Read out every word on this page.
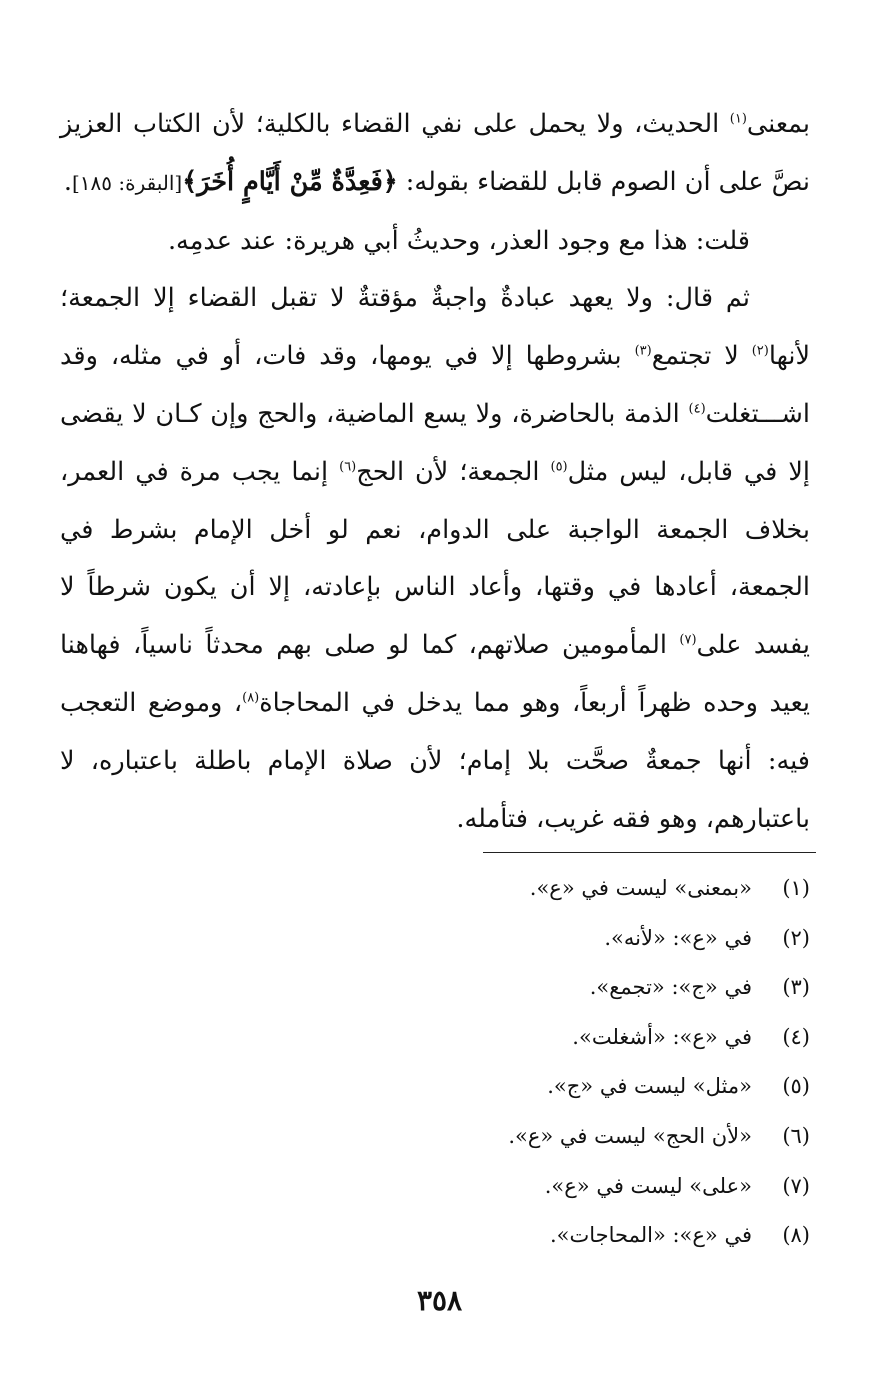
بمعنى$^{(١)}$ الحديث، ولا يحمل على نفي القضاء بالكلية؛ لأن الكتاب العزيز نصَّ على أن الصوم قابل للقضاء بقوله: ﴿فَعِدَّةٌ مِّنْ أَيَّامٍ أُخَرَ﴾[البقرة: ١٨٥].

قلت: هذا مع وجود العذر، وحديثُ أبي هريرة: عند عدمِه.

ثم قال: ولا يعهد عبادةٌ واجبةٌ مؤقتةٌ لا تقبل القضاء إلا الجمعة؛ لأنها$^{(٢)}$ لا تجتمع$^{(٣)}$ بشروطها إلا في يومها، وقد فات، أو في مثله، وقد اشـــتغلت$^{(٤)}$ الذمة بالحاضرة، ولا يسع الماضية، والحج وإن كـان لا يقضى إلا في قابل، ليس مثل$^{(٥)}$ الجمعة؛ لأن الحج$^{(٦)}$ إنما يجب مرة في العمر، بخلاف الجمعة الواجبة على الدوام، نعم لو أخل الإمام بشرط في الجمعة، أعادها في وقتها، وأعاد الناس بإعادته، إلا أن يكون شرطاً لا يفسد على$^{(٧)}$ المأمومين صلاتهم، كما لو صلى بهم محدثاً ناسياً، فهاهنا يعيد وحده ظهراً أربعاً، وهو مما يدخل في المحاجاة$^{(٨)}$، وموضع التعجب فيه: أنها جمعةٌ صحَّت بلا إمام؛ لأن صلاة الإمام باطلة باعتباره، لا باعتبارهم، وهو فقه غريب، فتأمله.

(١)«بمعنى» ليست في «ع».
(٢)في «ع»: «لأنه».
(٣)في «ج»: «تجمع».
(٤)في «ع»: «أشغلت».
(٥)«مثل» ليست في «ج».
(٦)«لأن الحج» ليست في «ع».
(٧)«على» ليست في «ع».
(٨)في «ع»: «المحاجات».
٣٥٨
